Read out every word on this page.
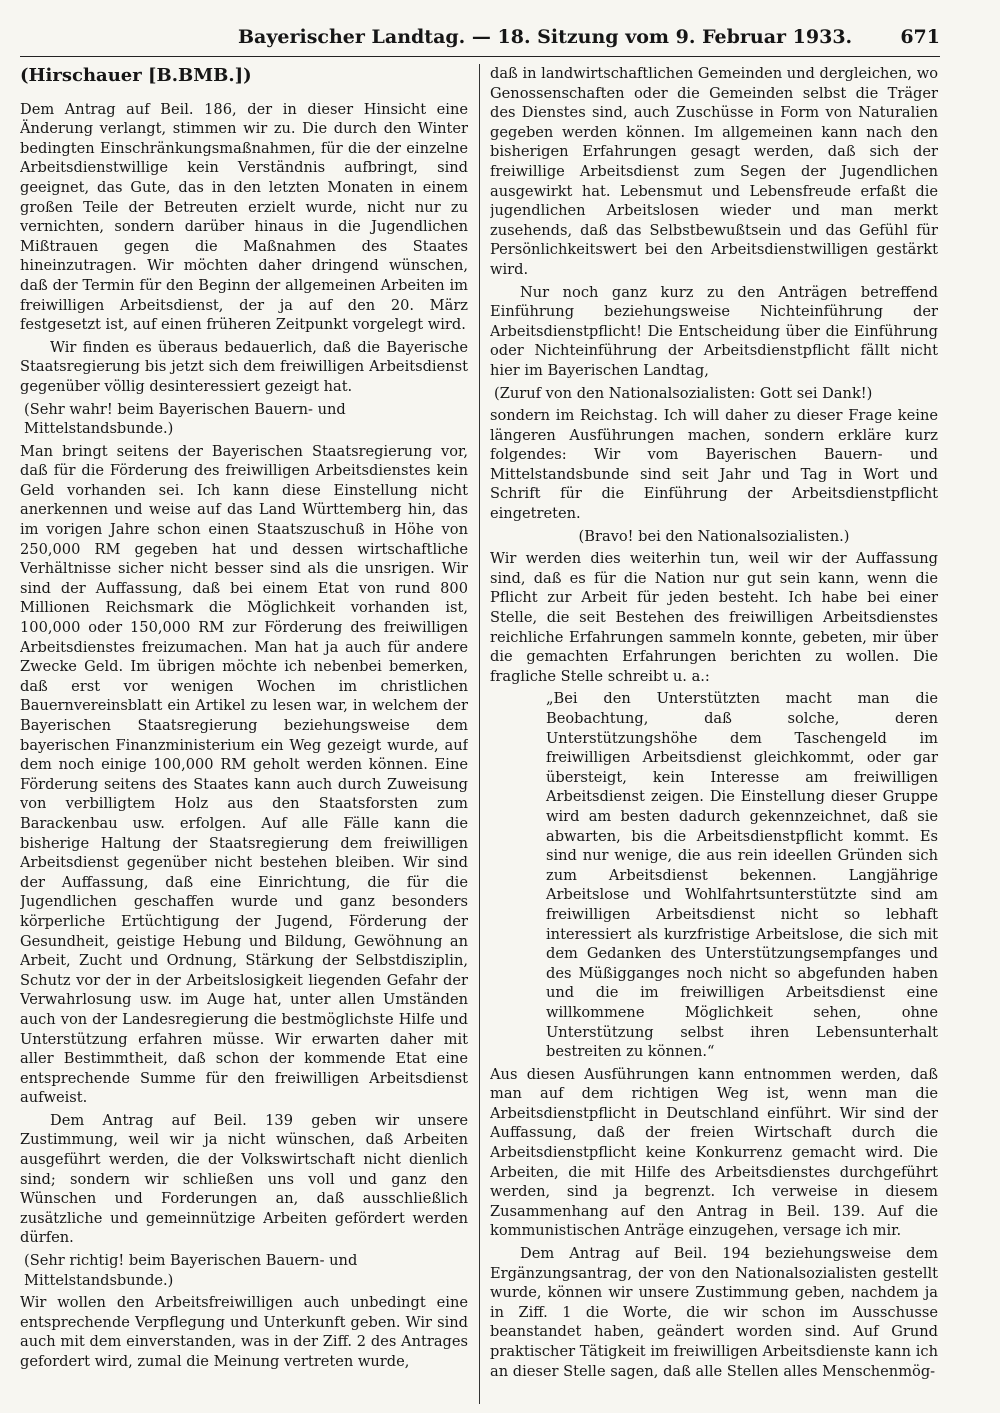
Bayerischer Landtag. — 18. Sitzung vom 9. Februar 1933.	671
(Hirschauer [B.BMB.])

Dem Antrag auf Beil. 186, der in dieser Hinsicht eine Änderung verlangt, stimmen wir zu. Die durch den Winter bedingten Einschränkungsmaßnahmen, für die der einzelne Arbeitsdienstwillige kein Verständnis aufbringt, sind geeignet, das Gute, das in den letzten Monaten in einem großen Teile der Betreuten erzielt wurde, nicht nur zu vernichten, sondern darüber hinaus in die Jugendlichen Mißtrauen gegen die Maßnahmen des Staates hineinzutragen. Wir möchten daher dringend wünschen, daß der Termin für den Beginn der allgemeinen Arbeiten im freiwilligen Arbeitsdienst, der ja auf den 20. März festgesetzt ist, auf einen früheren Zeitpunkt vorgelegt wird.

Wir finden es überaus bedauerlich, daß die Bayerische Staatsregierung bis jetzt sich dem freiwilligen Arbeitsdienst gegenüber völlig desinteressiert gezeigt hat.

(Sehr wahr! beim Bayerischen Bauern- und Mittelstandsbunde.)

Man bringt seitens der Bayerischen Staatsregierung vor, daß für die Förderung des freiwilligen Arbeitsdienstes kein Geld vorhanden sei. Ich kann diese Einstellung nicht anerkennen und weise auf das Land Württemberg hin, das im vorigen Jahre schon einen Staatszuschuß in Höhe von 250,000 RM gegeben hat und dessen wirtschaftliche Verhältnisse sicher nicht besser sind als die unsrigen. Wir sind der Auffassung, daß bei einem Etat von rund 800 Millionen Reichsmark die Möglichkeit vorhanden ist, 100,000 oder 150,000 RM zur Förderung des freiwilligen Arbeitsdienstes freizumachen. Man hat ja auch für andere Zwecke Geld. Im übrigen möchte ich nebenbei bemerken, daß erst vor wenigen Wochen im christlichen Bauernvereinsblatt ein Artikel zu lesen war, in welchem der Bayerischen Staatsregierung beziehungsweise dem bayerischen Finanzministerium ein Weg gezeigt wurde, auf dem noch einige 100,000 RM geholt werden können. Eine Förderung seitens des Staates kann auch durch Zuweisung von verbilligtem Holz aus den Staatsforsten zum Barackenbau usw. erfolgen. Auf alle Fälle kann die bisherige Haltung der Staatsregierung dem freiwilligen Arbeitsdienst gegenüber nicht bestehen bleiben. Wir sind der Auffassung, daß eine Einrichtung, die für die Jugendlichen geschaffen wurde und ganz besonders körperliche Ertüchtigung der Jugend, Förderung der Gesundheit, geistige Hebung und Bildung, Gewöhnung an Arbeit, Zucht und Ordnung, Stärkung der Selbstdisziplin, Schutz vor der in der Arbeitslosigkeit liegenden Gefahr der Verwahrlosung usw. im Auge hat, unter allen Umständen auch von der Landesregierung die bestmöglichste Hilfe und Unterstützung erfahren müsse. Wir erwarten daher mit aller Bestimmtheit, daß schon der kommende Etat eine entsprechende Summe für den freiwilligen Arbeitsdienst aufweist.

Dem Antrag auf Beil. 139 geben wir unsere Zustimmung, weil wir ja nicht wünschen, daß Arbeiten ausgeführt werden, die der Volkswirtschaft nicht dienlich sind; sondern wir schließen uns voll und ganz den Wünschen und Forderungen an, daß ausschließlich zusätzliche und gemeinnützige Arbeiten gefördert werden dürfen.

(Sehr richtig! beim Bayerischen Bauern- und Mittelstandsbunde.)

Wir wollen den Arbeitsfreiwilligen auch unbedingt eine entsprechende Verpflegung und Unterkunft geben. Wir sind auch mit dem einverstanden, was in der Ziff. 2 des Antrages gefordert wird, zumal die Meinung vertreten wurde,

daß in landwirtschaftlichen Gemeinden und dergleichen, wo Genossenschaften oder die Gemeinden selbst die Träger des Dienstes sind, auch Zuschüsse in Form von Naturalien gegeben werden können. Im allgemeinen kann nach den bisherigen Erfahrungen gesagt werden, daß sich der freiwillige Arbeitsdienst zum Segen der Jugendlichen ausgewirkt hat. Lebensmut und Lebensfreude erfaßt die jugendlichen Arbeitslosen wieder und man merkt zusehends, daß das Selbstbewußtsein und das Gefühl für Persönlichkeitswert bei den Arbeitsdienstwilligen gestärkt wird.

Nur noch ganz kurz zu den Anträgen betreffend Einführung beziehungsweise Nichteinführung der Arbeitsdienstpflicht! Die Entscheidung über die Einführung oder Nichteinführung der Arbeitsdienstpflicht fällt nicht hier im Bayerischen Landtag,

(Zuruf von den Nationalsozialisten: Gott sei Dank!)

sondern im Reichstag. Ich will daher zu dieser Frage keine längeren Ausführungen machen, sondern erkläre kurz folgendes: Wir vom Bayerischen Bauern- und Mittelstandsbunde sind seit Jahr und Tag in Wort und Schrift für die Einführung der Arbeitsdienstpflicht eingetreten.

(Bravo! bei den Nationalsozialisten.)

Wir werden dies weiterhin tun, weil wir der Auffassung sind, daß es für die Nation nur gut sein kann, wenn die Pflicht zur Arbeit für jeden besteht. Ich habe bei einer Stelle, die seit Bestehen des freiwilligen Arbeitsdienstes reichliche Erfahrungen sammeln konnte, gebeten, mir über die gemachten Erfahrungen berichten zu wollen. Die fragliche Stelle schreibt u. a.:

„Bei den Unterstützten macht man die Beobachtung, daß solche, deren Unterstützungshöhe dem Taschengeld im freiwilligen Arbeitsdienst gleichkommt, oder gar übersteigt, kein Interesse am freiwilligen Arbeitsdienst zeigen. Die Einstellung dieser Gruppe wird am besten dadurch gekennzeichnet, daß sie abwarten, bis die Arbeitsdienstpflicht kommt. Es sind nur wenige, die aus rein ideellen Gründen sich zum Arbeitsdienst bekennen. Langjährige Arbeitslose und Wohlfahrtsunterstützte sind am freiwilligen Arbeitsdienst nicht so lebhaft interessiert als kurzfristige Arbeitslose, die sich mit dem Gedanken des Unterstützungsempfanges und des Müßigganges noch nicht so abgefunden haben und die im freiwilligen Arbeitsdienst eine willkommene Möglichkeit sehen, ohne Unterstützung selbst ihren Lebensunterhalt bestreiten zu können.“

Aus diesen Ausführungen kann entnommen werden, daß man auf dem richtigen Weg ist, wenn man die Arbeitsdienstpflicht in Deutschland einführt. Wir sind der Auffassung, daß der freien Wirtschaft durch die Arbeitsdienstpflicht keine Konkurrenz gemacht wird. Die Arbeiten, die mit Hilfe des Arbeitsdienstes durchgeführt werden, sind ja begrenzt. Ich verweise in diesem Zusammenhang auf den Antrag in Beil. 139. Auf die kommunistischen Anträge einzugehen, versage ich mir.

Dem Antrag auf Beil. 194 beziehungsweise dem Ergänzungsantrag, der von den Nationalsozialisten gestellt wurde, können wir unsere Zustimmung geben, nachdem ja in Ziff. 1 die Worte, die wir schon im Ausschusse beanstandet haben, geändert worden sind. Auf Grund praktischer Tätigkeit im freiwilligen Arbeitsdienste kann ich an dieser Stelle sagen, daß alle Stellen alles Menschenmög-
